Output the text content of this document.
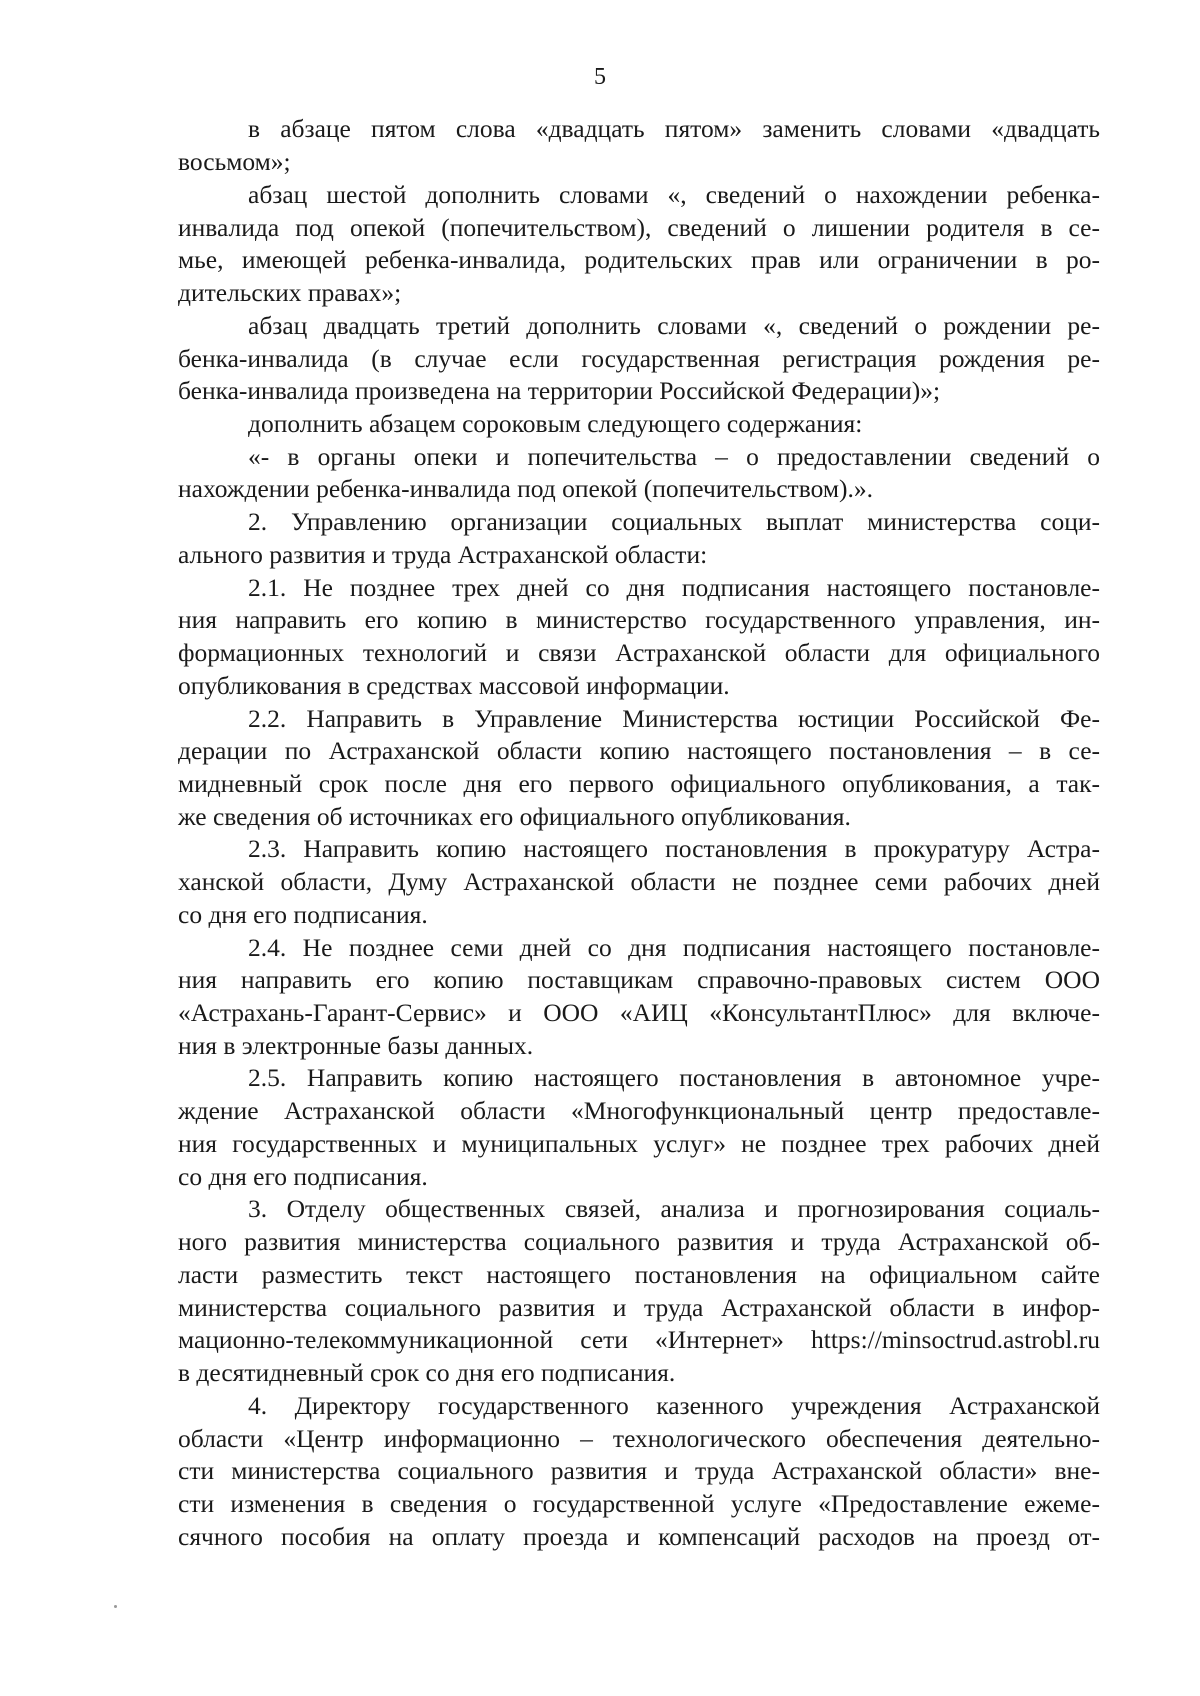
5
в абзаце пятом слова «двадцать пятом» заменить словами «двадцать
восьмом»;
абзац шестой дополнить словами «, сведений о нахождении ребенка-
инвалида под опекой (попечительством), сведений о лишении родителя в се-
мье, имеющей ребенка-инвалида, родительских прав или ограничении в ро-
дительских правах»;
абзац двадцать третий дополнить словами «, сведений о рождении ре-
бенка-инвалида (в случае если государственная регистрация рождения ре-
бенка-инвалида произведена на территории Российской Федерации)»;
дополнить абзацем сороковым следующего содержания:
«- в органы опеки и попечительства – о предоставлении сведений о
нахождении ребенка-инвалида под опекой (попечительством).».
2. Управлению организации социальных выплат министерства соци-
ального развития и труда Астраханской области:
2.1. Не позднее трех дней со дня подписания настоящего постановле-
ния направить его копию в министерство государственного управления, ин-
формационных технологий и связи Астраханской области для официального
опубликования в средствах массовой информации.
2.2. Направить в Управление Министерства юстиции Российской Фе-
дерации по Астраханской области копию настоящего постановления – в се-
мидневный срок после дня его первого официального опубликования, а так-
же сведения об источниках его официального опубликования.
2.3. Направить копию настоящего постановления в прокуратуру Астра-
ханской области, Думу Астраханской области не позднее семи рабочих дней
со дня его подписания.
2.4. Не позднее семи дней со дня подписания настоящего постановле-
ния направить его копию поставщикам справочно-правовых систем ООО
«Астрахань-Гарант-Сервис» и ООО «АИЦ «КонсультантПлюс» для включе-
ния в электронные базы данных.
2.5. Направить копию настоящего постановления в автономное учре-
ждение Астраханской области «Многофункциональный центр предоставле-
ния государственных и муниципальных услуг» не позднее трех рабочих дней
со дня его подписания.
3. Отделу общественных связей, анализа и прогнозирования социаль-
ного развития министерства социального развития и труда Астраханской об-
ласти разместить текст настоящего постановления на официальном сайте
министерства социального развития и труда Астраханской области в инфор-
мационно-телекоммуникационной сети «Интернет» https://minsoctrud.astrobl.ru
в десятидневный срок со дня его подписания.
4. Директору государственного казенного учреждения Астраханской
области «Центр информационно – технологического обеспечения деятельно-
сти министерства социального развития и труда Астраханской области» вне-
сти изменения в сведения о государственной услуге «Предоставление ежеме-
сячного пособия на оплату проезда и компенсаций расходов на проезд от-
